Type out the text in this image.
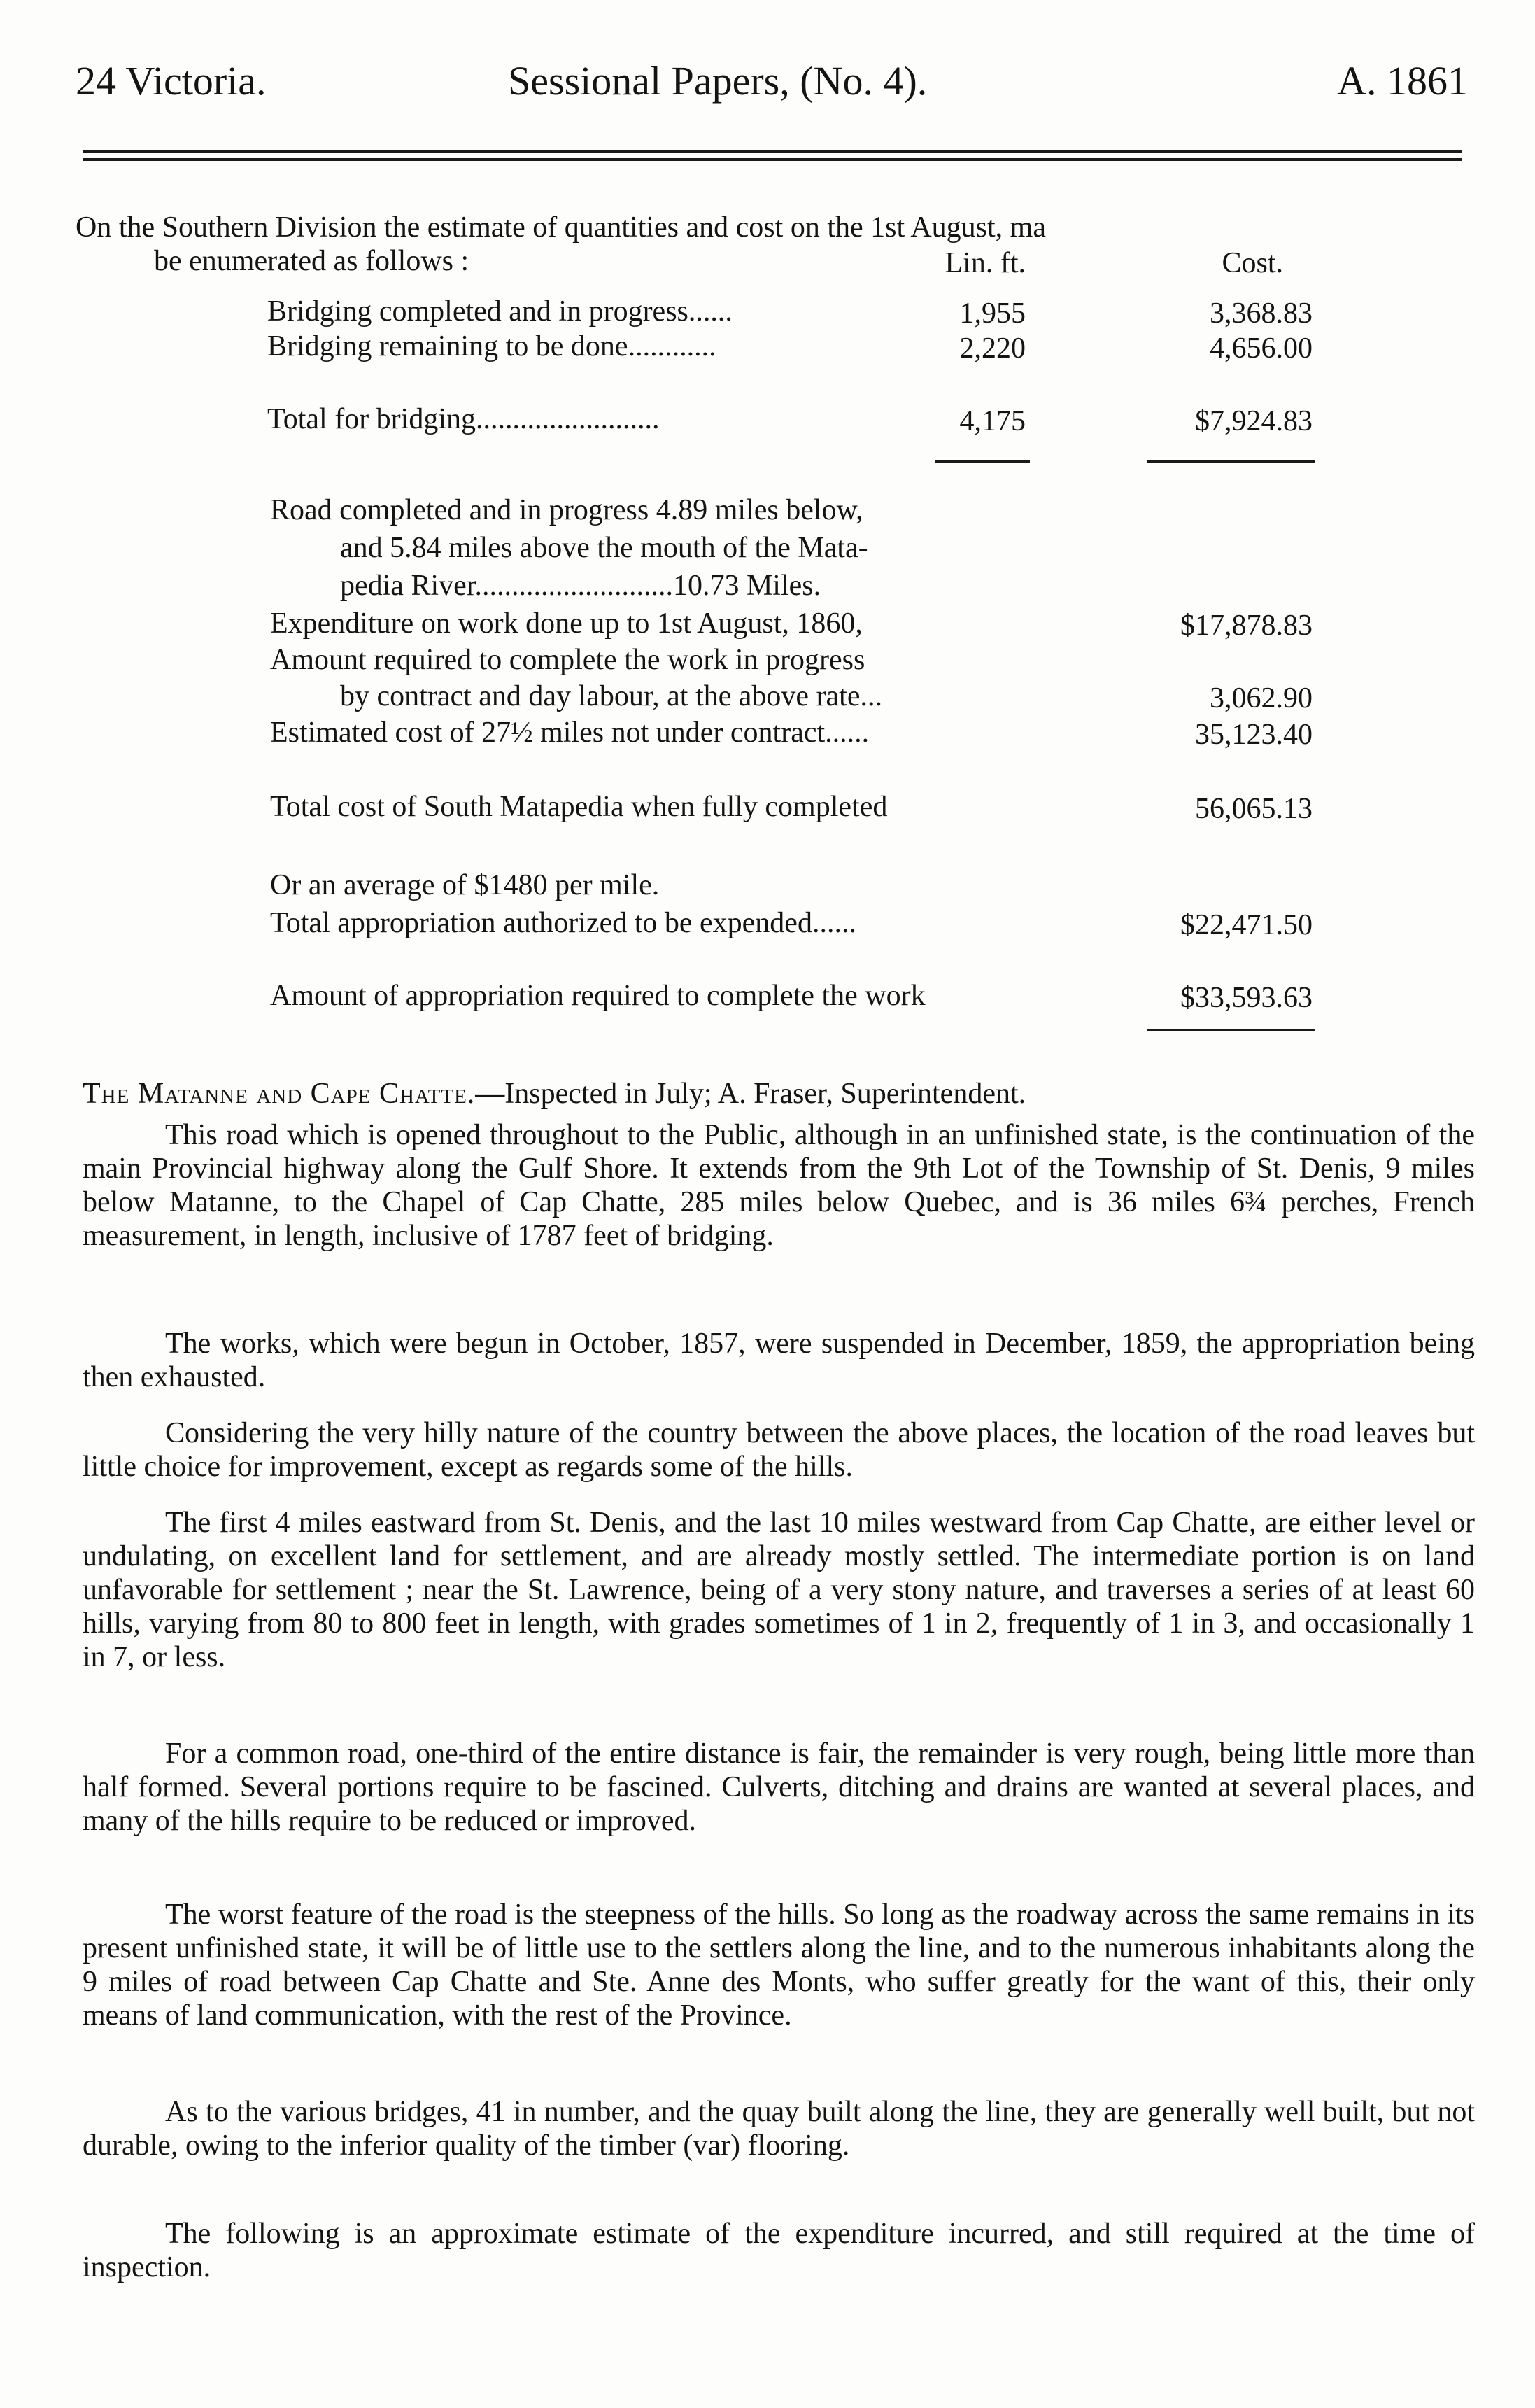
24 Victoria.	Sessional Papers, (No. 4).	A. 1861
On the Southern Division the estimate of quantities and cost on the 1st August, ma
be enumerated as follows :	Lin. ft.	Cost.
Bridging completed and in progress......	1,955	3,368.83
Bridging remaining to be done............	2,220	4,656.00
Total for bridging.........................	4,175	$7,924.83
Road completed and in progress 4.89 miles below,
and 5.84 miles above the mouth of the Mata-
pedia River...........................10.73 Miles.
Expenditure on work done up to 1st August, 1860,	$17,878.83
Amount required to complete the work in progress
by contract and day labour, at the above rate...	3,062.90
Estimated cost of 27½ miles not under contract......	35,123.40
Total cost of South Matapedia when fully completed	56,065.13
Or an average of $1480 per mile.
Total appropriation authorized to be expended......	$22,471.50
Amount of appropriation required to complete the work	$33,593.63
The Matanne and Cape Chatte.—Inspected in July; A. Fraser, Superintendent.

This road which is opened throughout to the Public, although in an unfinished state, is the continuation of the main Provincial highway along the Gulf Shore. It extends from the 9th Lot of the Township of St. Denis, 9 miles below Matanne, to the Chapel of Cap Chatte, 285 miles below Quebec, and is 36 miles 6¾ perches, French measurement, in length, inclusive of 1787 feet of bridging.

The works, which were begun in October, 1857, were suspended in December, 1859, the appropriation being then exhausted.

Considering the very hilly nature of the country between the above places, the location of the road leaves but little choice for improvement, except as regards some of the hills.

The first 4 miles eastward from St. Denis, and the last 10 miles westward from Cap Chatte, are either level or undulating, on excellent land for settlement, and are already mostly settled. The intermediate portion is on land unfavorable for settlement ; near the St. Lawrence, being of a very stony nature, and traverses a series of at least 60 hills, varying from 80 to 800 feet in length, with grades sometimes of 1 in 2, frequently of 1 in 3, and occasionally 1 in 7, or less.

For a common road, one-third of the entire distance is fair, the remainder is very rough, being little more than half formed. Several portions require to be fascined. Culverts, ditching and drains are wanted at several places, and many of the hills require to be reduced or improved.

The worst feature of the road is the steepness of the hills. So long as the roadway across the same remains in its present unfinished state, it will be of little use to the settlers along the line, and to the numerous inhabitants along the 9 miles of road between Cap Chatte and Ste. Anne des Monts, who suffer greatly for the want of this, their only means of land communication, with the rest of the Province.

As to the various bridges, 41 in number, and the quay built along the line, they are generally well built, but not durable, owing to the inferior quality of the timber (var) flooring.

The following is an approximate estimate of the expenditure incurred, and still required at the time of inspection.
